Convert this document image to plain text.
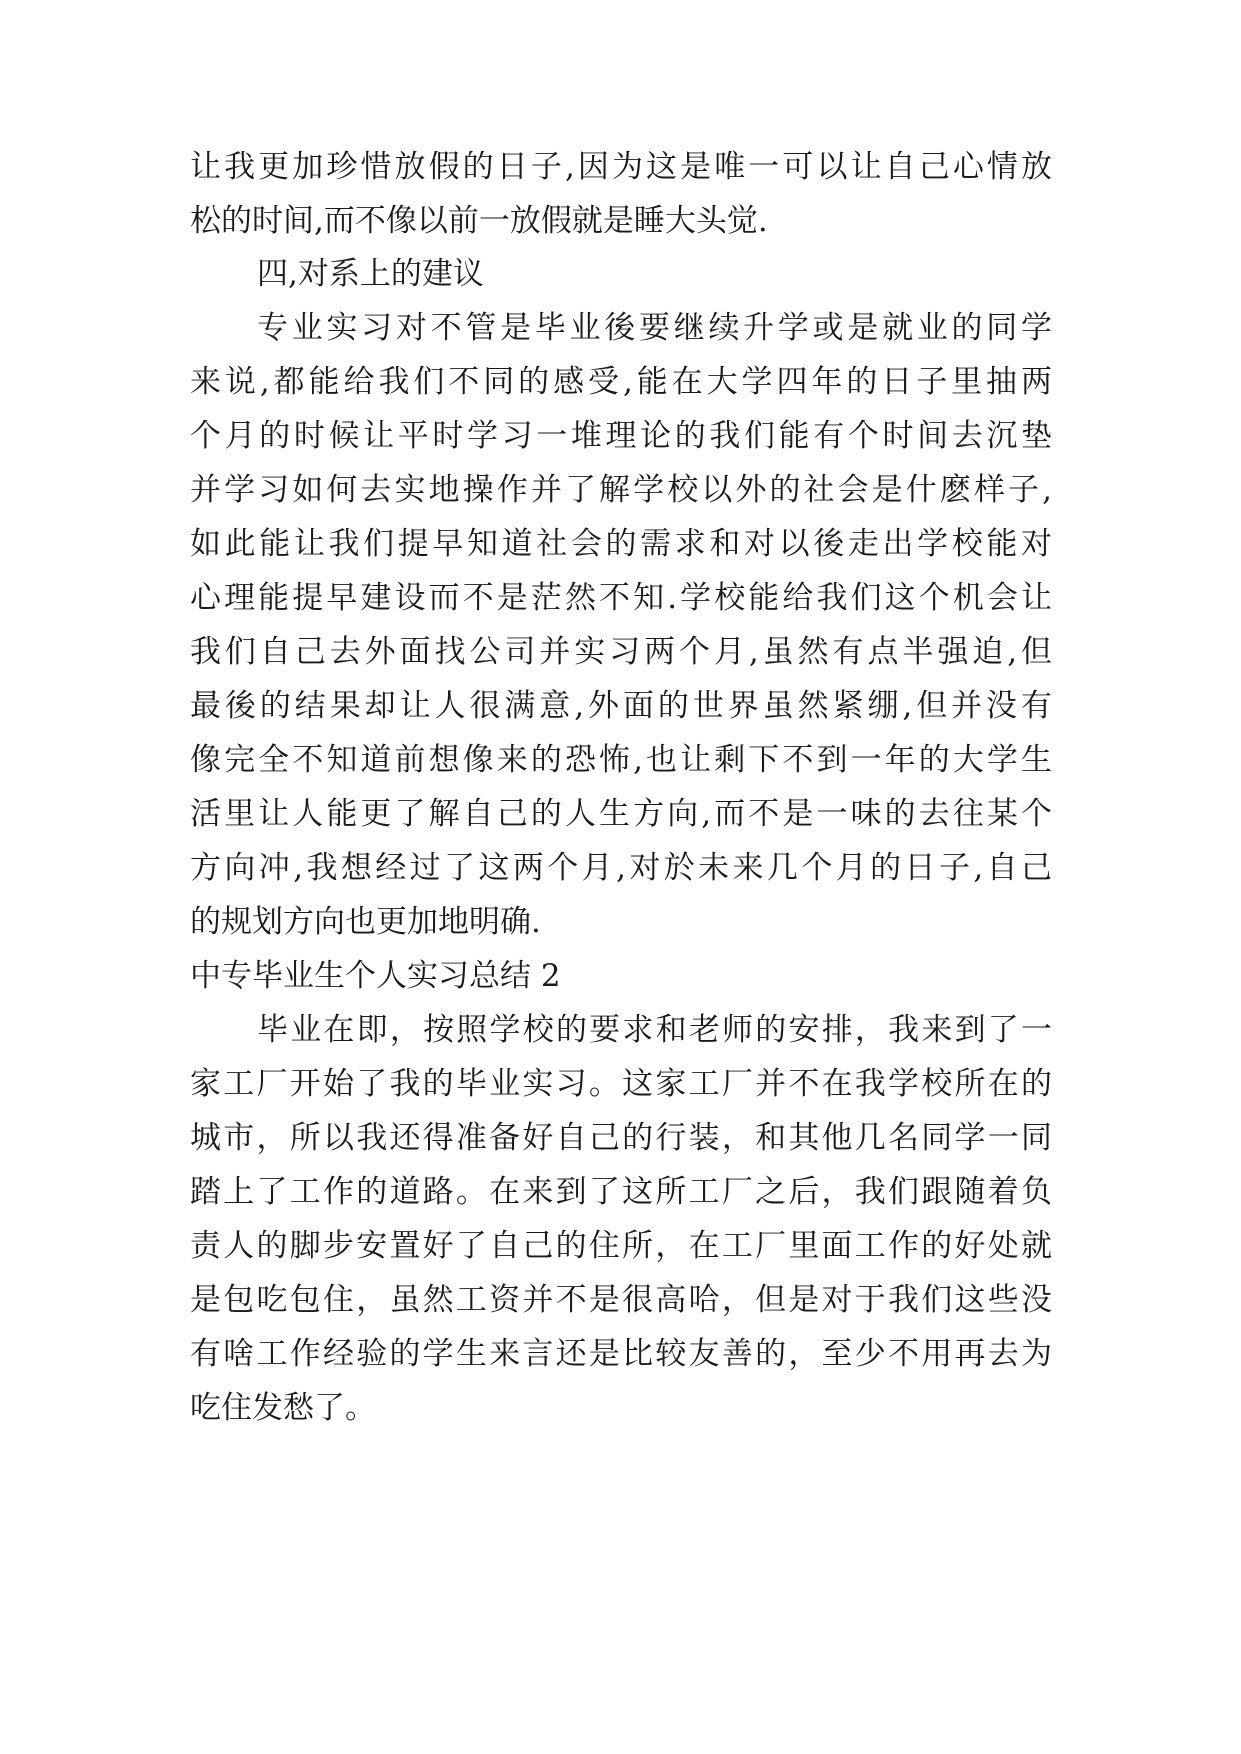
让我更加珍惜放假的日子,因为这是唯一可以让自己心情放
松的时间,而不像以前一放假就是睡大头觉.
四,对系上的建议
专业实习对不管是毕业後要继续升学或是就业的同学
来说,都能给我们不同的感受,能在大学四年的日子里抽两
个月的时候让平时学习一堆理论的我们能有个时间去沉垫
并学习如何去实地操作并了解学校以外的社会是什麽样子,
如此能让我们提早知道社会的需求和对以後走出学校能对
心理能提早建设而不是茫然不知.学校能给我们这个机会让
我们自己去外面找公司并实习两个月,虽然有点半强迫,但
最後的结果却让人很满意,外面的世界虽然紧绷,但并没有
像完全不知道前想像来的恐怖,也让剩下不到一年的大学生
活里让人能更了解自己的人生方向,而不是一味的去往某个
方向冲,我想经过了这两个月,对於未来几个月的日子,自己
的规划方向也更加地明确.
中专毕业生个人实习总结 2
毕业在即，按照学校的要求和老师的安排，我来到了一
家工厂开始了我的毕业实习。这家工厂并不在我学校所在的
城市，所以我还得准备好自己的行装，和其他几名同学一同
踏上了工作的道路。在来到了这所工厂之后，我们跟随着负
责人的脚步安置好了自己的住所，在工厂里面工作的好处就
是包吃包住，虽然工资并不是很高哈，但是对于我们这些没
有啥工作经验的学生来言还是比较友善的，至少不用再去为
吃住发愁了。
